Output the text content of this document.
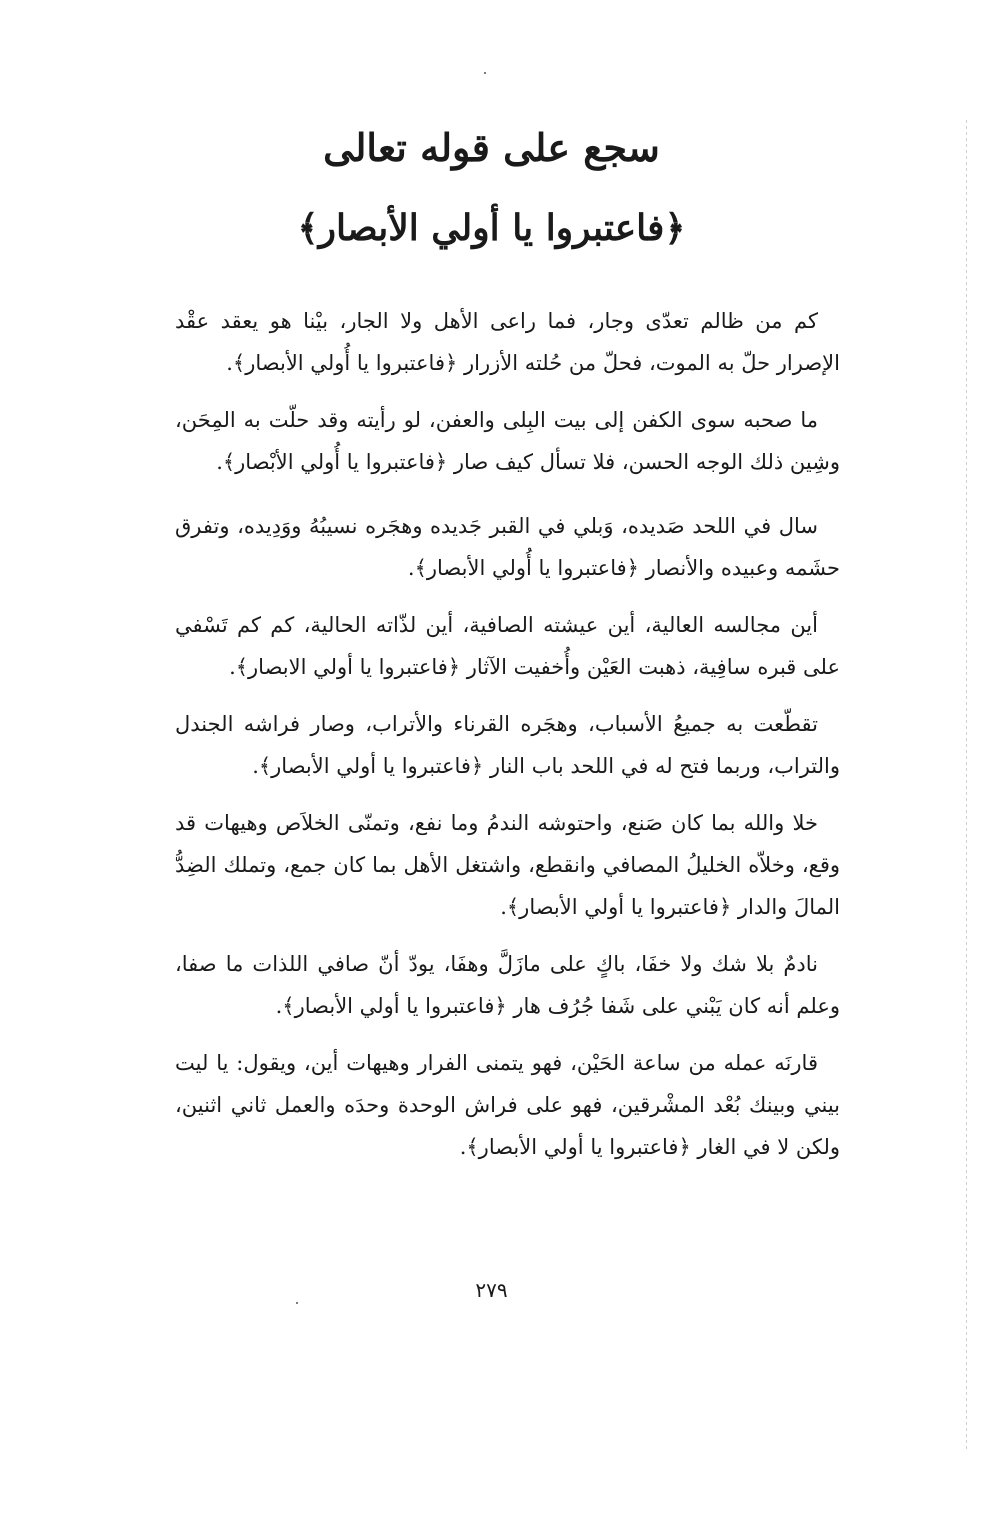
سجع على قوله تعالى
﴿فاعتبروا يا أولي الأبصار﴾

كم من ظالم تعدّى وجار، فما راعى الأهل ولا الجار، بيْنا هو يعقد عقْد الإصرار حلّ به الموت، فحلّ من حُلته الأزرار ﴿فاعتبروا يا أُولي الأبصار﴾.

ما صحبه سوى الكفن إلى بيت البِلى والعفن، لو رأيته وقد حلّت به المِحَن، وشِين ذلك الوجه الحسن، فلا تسأل كيف صار ﴿فاعتبروا يا أُولي الأبْصار﴾.

سال في اللحد صَديده، وَبلي في القبر جَديده وهجَره نسيبُهُ ووَدِيده، وتفرق حشَمه وعبيده والأنصار ﴿فاعتبروا يا أُولي الأبصار﴾.

أين مجالسه العالية، أين عيشته الصافية، أين لذّاته الحالية، كم كم تَسْفي على قبره سافِية، ذهبت العَيْن وأُخفيت الآثار ﴿فاعتبروا يا أولي الابصار﴾.

تقطّعت به جميعُ الأسباب، وهجَره القرناء والأتراب، وصار فراشه الجندل والتراب، وربما فتح له في اللحد باب النار ﴿فاعتبروا يا أولي الأبصار﴾.

خلا والله بما كان صَنع، واحتوشه الندمُ وما نفع، وتمنّى الخلاَص وهيهات قد وقع، وخلاّه الخليلُ المصافي وانقطع، واشتغل الأهل بما كان جمع، وتملك الضِدُّ المالَ والدار ﴿فاعتبروا يا أولي الأبصار﴾.

نادمٌ بلا شك ولا خفَا، باكٍ على مازَلَّ وهفَا، يودّ أنّ صافي اللذات ما صفا، وعلم أنه كان يَبْني على شَفا جُرُف هار ﴿فاعتبروا يا أولي الأبصار﴾.

قارنَه عمله من ساعة الحَيْن، فهو يتمنى الفرار وهيهات أين، ويقول: يا ليت بيني وبينك بُعْد المشْرقين، فهو على فراش الوحدة وحدَه والعمل ثاني اثنين، ولكن لا في الغار ﴿فاعتبروا يا أولي الأبصار﴾.

٢٧٩
